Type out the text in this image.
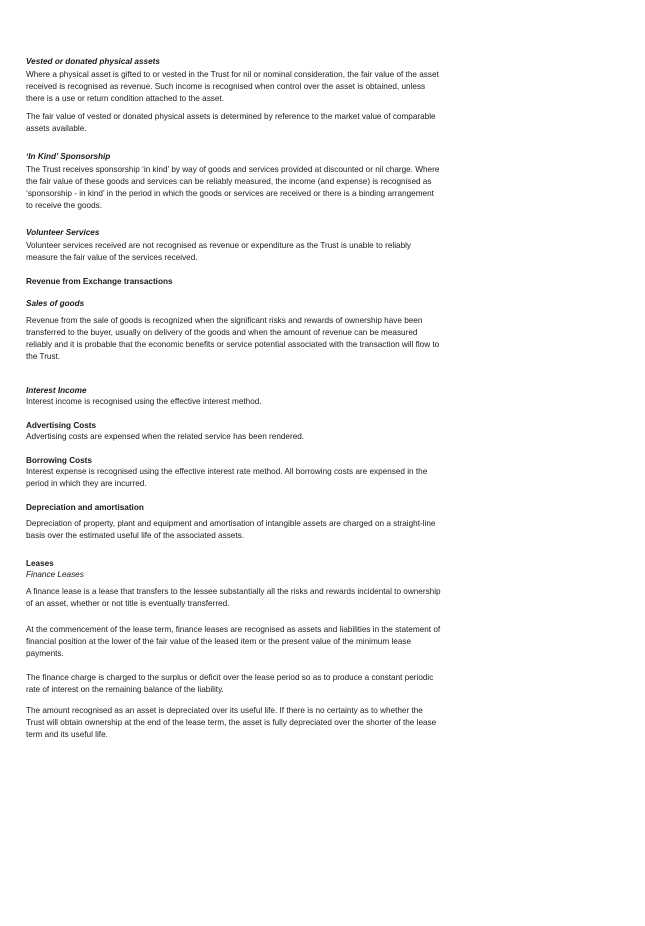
Vested or donated physical assets

Where a physical asset is gifted to or vested in the Trust for nil or nominal consideration, the fair value of the asset received is recognised as revenue. Such income is recognised when control over the asset is obtained, unless there is a use or return condition attached to the asset.

The fair value of vested or donated physical assets is determined by reference to the market value of comparable assets available.

‘In Kind’ Sponsorship

The Trust receives sponsorship ‘in kind’ by way of goods and services provided at discounted or nil charge. Where the fair value of these goods and services can be reliably measured, the income (and expense) is recognised as ‘sponsorship - in kind’ in the period in which the goods or services are received or there is a binding arrangement to receive the goods.

Volunteer Services

Volunteer services received are not recognised as revenue or expenditure as the Trust is unable to reliably measure the fair value of the services received.

Revenue from Exchange transactions
Sales of goods

Revenue from the sale of goods is recognized when the significant risks and rewards of ownership have been transferred to the buyer, usually on delivery of the goods and when the amount of revenue can be measured reliably and it is probable that the economic benefits or service potential associated with the transaction will flow to the Trust.

Interest Income

Interest income is recognised using the effective interest method.

Advertising Costs

Advertising costs are expensed when the related service has been rendered.

Borrowing Costs

Interest expense is recognised using the effective interest rate method. All borrowing costs are expensed in the period in which they are incurred.

Depreciation and amortisation

Depreciation of property, plant and equipment and amortisation of intangible assets are charged on a straight-line basis over the estimated useful life of the associated assets.

Leases
Finance Leases

A finance lease is a lease that transfers to the lessee substantially all the risks and rewards incidental to ownership of an asset, whether or not title is eventually transferred.

At the commencement of the lease term, finance leases are recognised as assets and liabilities in the statement of financial position at the lower of the fair value of the leased item or the present value of the minimum lease payments.

The finance charge is charged to the surplus or deficit over the lease period so as to produce a constant periodic rate of interest on the remaining balance of the liability.

The amount recognised as an asset is depreciated over its useful life. If there is no certainty as to whether the Trust will obtain ownership at the end of the lease term, the asset is fully depreciated over the shorter of the lease term and its useful life.
